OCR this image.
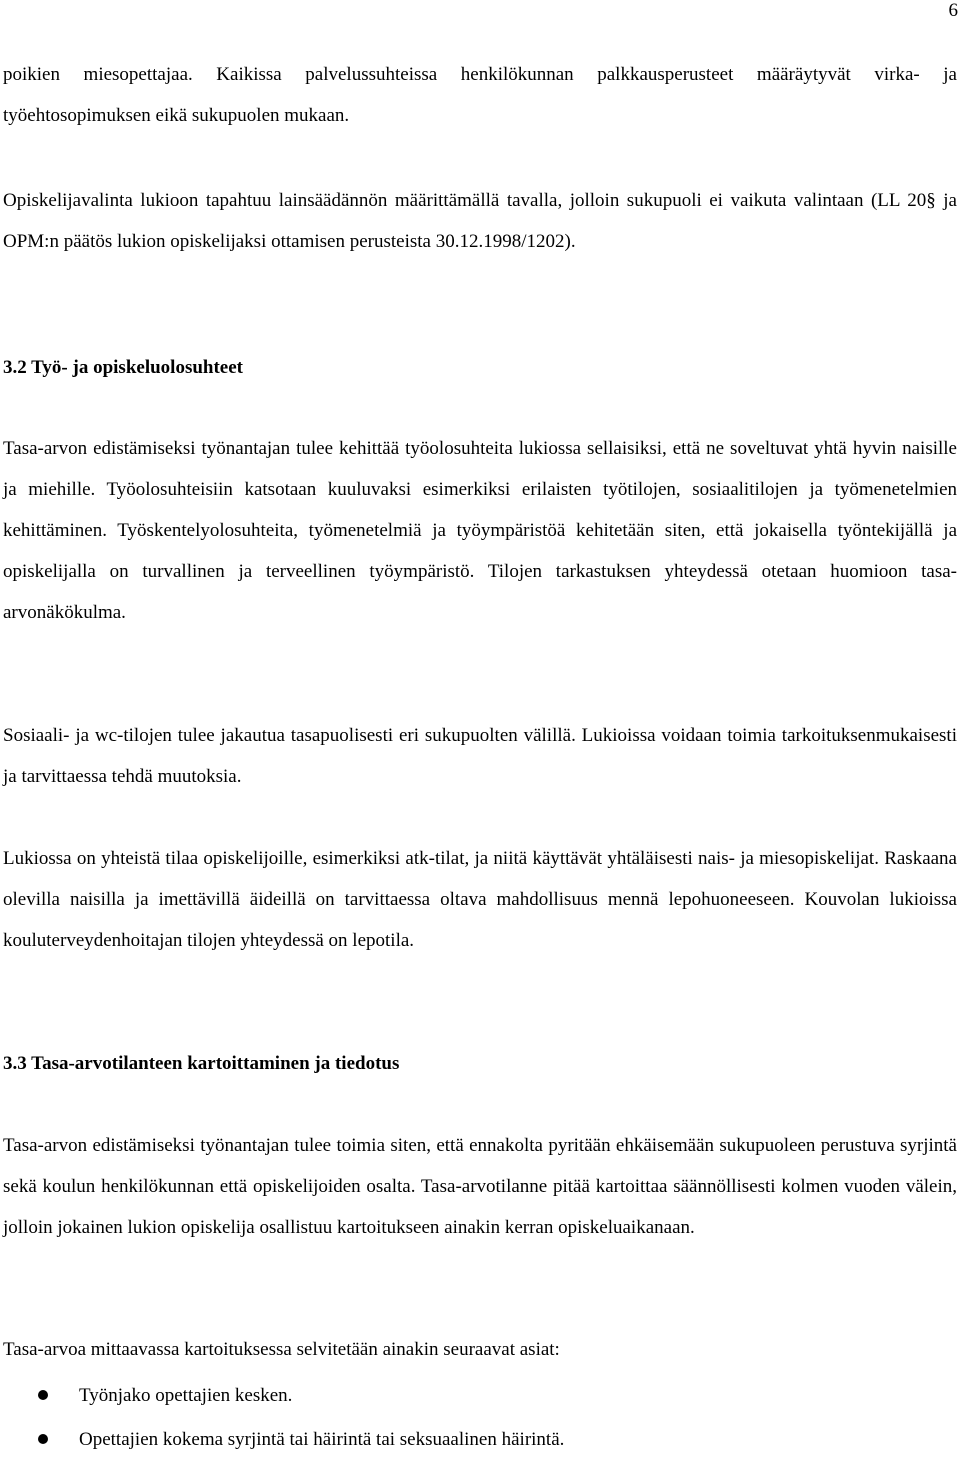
6

poikien miesopettajaa. Kaikissa palvelussuhteissa henkilökunnan palkkausperusteet määräytyvät virka- ja työehtosopimuksen eikä sukupuolen mukaan.

Opiskelijavalinta lukioon tapahtuu lainsäädännön määrittämällä tavalla, jolloin sukupuoli ei vaikuta valintaan (LL 20§ ja OPM:n päätös lukion opiskelijaksi ottamisen perusteista 30.12.1998/1202).

3.2 Työ- ja opiskeluolosuhteet

Tasa-arvon edistämiseksi työnantajan tulee kehittää työolosuhteita lukiossa sellaisiksi, että ne soveltuvat yhtä hyvin naisille ja miehille. Työolosuhteisiin katsotaan kuuluvaksi esimerkiksi erilaisten työtilojen, sosiaalitilojen ja työmenetelmien kehittäminen. Työskentelyolosuhteita, työmenetelmiä ja työympäristöä kehitetään siten, että jokaisella työntekijällä ja opiskelijalla on turvallinen ja terveellinen työympäristö. Tilojen tarkastuksen yhteydessä otetaan huomioon tasa-arvonäkökulma.

Sosiaali- ja wc-tilojen tulee jakautua tasapuolisesti eri sukupuolten välillä. Lukioissa voidaan toimia tarkoituksenmukaisesti ja tarvittaessa tehdä muutoksia.

Lukiossa on yhteistä tilaa opiskelijoille, esimerkiksi atk-tilat, ja niitä käyttävät yhtäläisesti nais- ja miesopiskelijat. Raskaana olevilla naisilla ja imettävillä äideillä on tarvittaessa oltava mahdollisuus mennä lepohuoneeseen. Kouvolan lukioissa kouluterveydenhoitajan tilojen yhteydessä on lepotila.

3.3 Tasa-arvotilanteen kartoittaminen ja tiedotus

Tasa-arvon edistämiseksi työnantajan tulee toimia siten, että ennakolta pyritään ehkäisemään sukupuoleen perustuva syrjintä sekä koulun henkilökunnan että opiskelijoiden osalta. Tasa-arvotilanne pitää kartoittaa säännöllisesti kolmen vuoden välein, jolloin jokainen lukion opiskelija osallistuu kartoitukseen ainakin kerran opiskeluaikanaan.

Tasa-arvoa mittaavassa kartoituksessa selvitetään ainakin seuraavat asiat:

Työnjako opettajien kesken.
Opettajien kokema syrjintä tai häirintä tai seksuaalinen häirintä.
